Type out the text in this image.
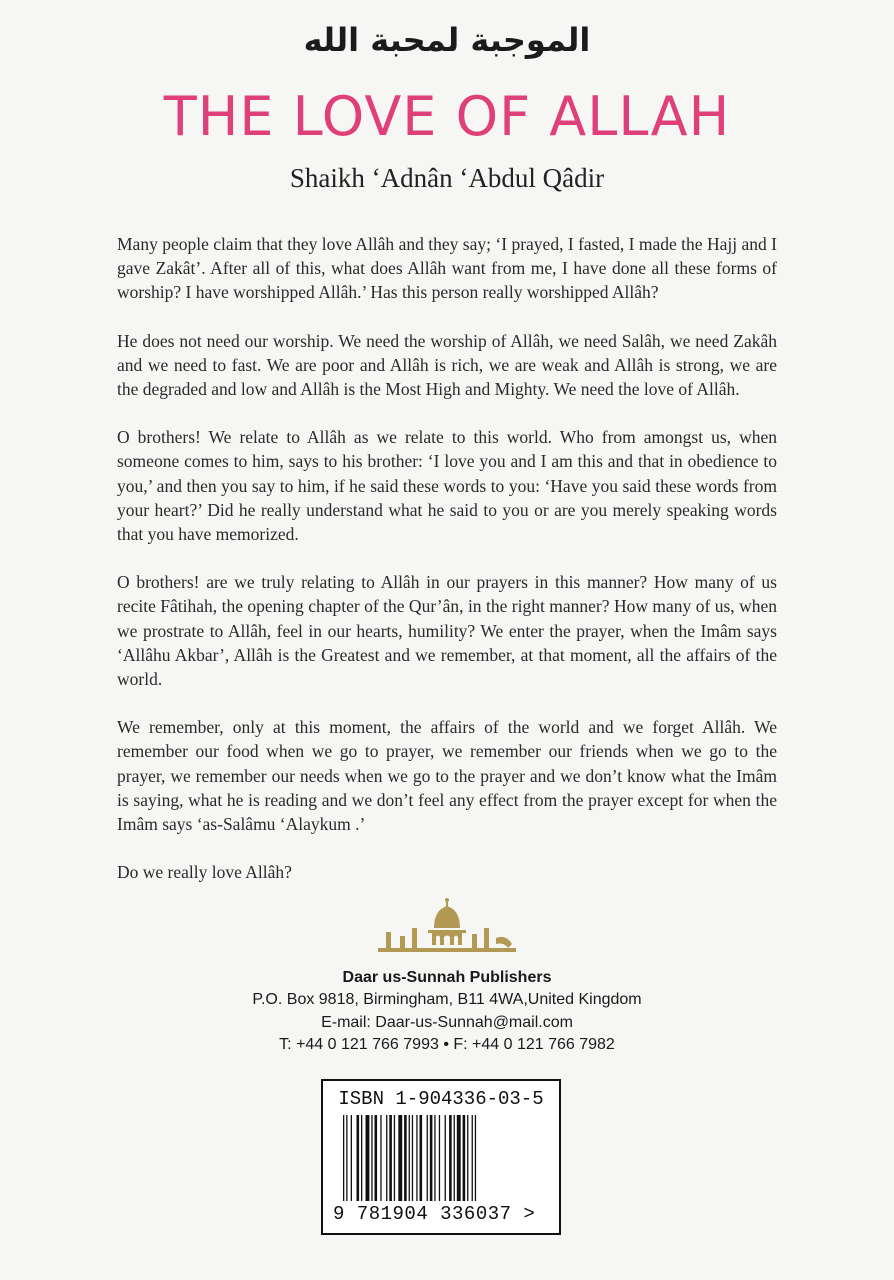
الموجبة لمحبة الله
THE LOVE OF ALLAH
Shaikh ‘Adnân ‘Abdul Qâdir

Many people claim that they love Allâh and they say; ‘I prayed, I fasted, I made the Hajj and I gave Zakât’. After all of this, what does Allâh want from me, I have done all these forms of worship? I have worshipped Allâh.’ Has this person really worshipped Allâh?

He does not need our worship. We need the worship of Allâh, we need Salâh, we need Zakâh and we need to fast. We are poor and Allâh is rich, we are weak and Allâh is strong, we are the degraded and low and Allâh is the Most High and Mighty. We need the love of Allâh.

O brothers! We relate to Allâh as we relate to this world. Who from amongst us, when someone comes to him, says to his brother: ‘I love you and I am this and that in obedience to you,’ and then you say to him, if he said these words to you: ‘Have you said these words from your heart?’ Did he really understand what he said to you or are you merely speaking words that you have memorized.

O brothers! are we truly relating to Allâh in our prayers in this manner? How many of us recite Fâtihah, the opening chapter of the Qur’ân, in the right manner? How many of us, when we prostrate to Allâh, feel in our hearts, humility? We enter the prayer, when the Imâm says ‘Allâhu Akbar’, Allâh is the Greatest and we remember, at that moment, all the affairs of the world.

We remember, only at this moment, the affairs of the world and we forget Allâh. We remember our food when we go to prayer, we remember our friends when we go to the prayer, we remember our needs when we go to the prayer and we don’t know what the Imâm is saying, what he is reading and we don’t feel any effect from the prayer except for when the Imâm says ‘as-Salâmu ‘Alaykum .’

Do we really love Allâh?

Daar us-Sunnah Publishers
P.O. Box 9818, Birmingham, B11 4WA,United Kingdom
E-mail: Daar-us-Sunnah@mail.com
T: +44 0 121 766 7993 • F: +44 0 121 766 7982
ISBN 1-904336-03-5
9 781904 336037 >
